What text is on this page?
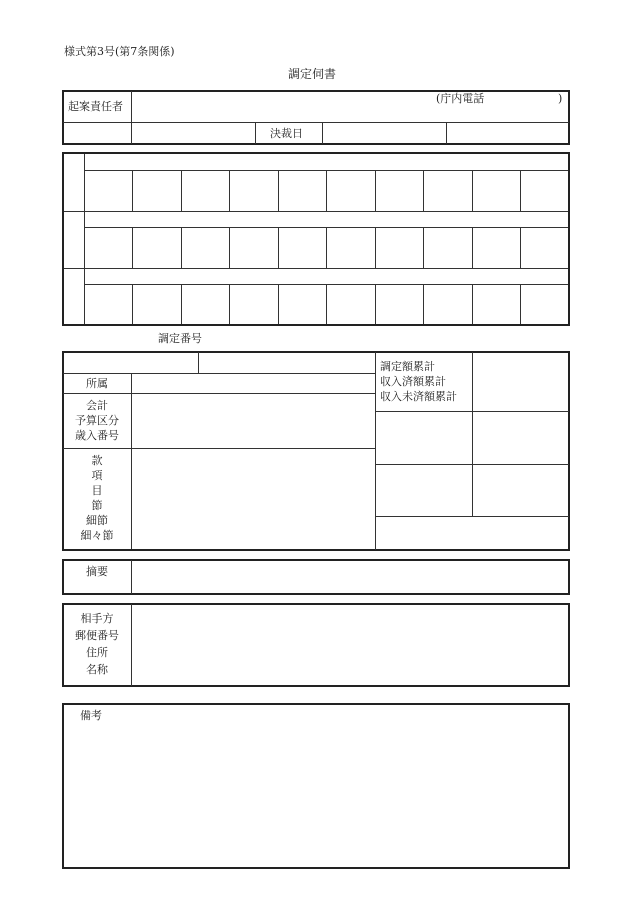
様式第3号(第7条関係)
調定伺書
起案責任者
(庁内電話	)
決裁日
調定番号
所属
会計
予算区分
歳入番号
款
項
目
節
細節
細々節
調定額累計
収入済額累計
収入未済額累計
摘要
相手方
郵便番号
住所
名称
備考
